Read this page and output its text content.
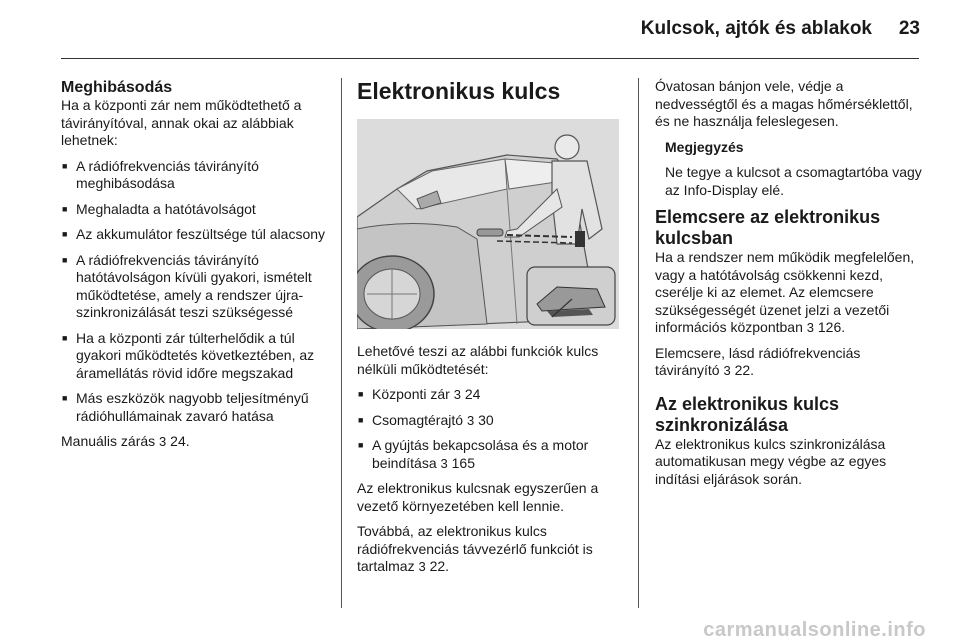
Kulcsok, ajtók és ablakok 23
Meghibásodás

Ha a központi zár nem működtethető a távirányítóval, annak okai az alábbiak lehetnek:

■ A rádiófrekvenciás távirányító meghibásodása
■ Meghaladta a hatótávolságot
■ Az akkumulátor feszültsége túl alacsony
■ A rádiófrekvenciás távirányító hatótávolságon kívüli gyakori, ismételt működtetése, amely a rendszer újra-szinkronizálását teszi szükségessé
■ Ha a központi zár túlterhelődik a túl gyakori működtetés következtében, az áramellátás rövid időre megszakad
■ Más eszközök nagyobb teljesítményű rádióhullámainak zavaró hatása

Manuális zárás 3 24.

Elektronikus kulcs

Lehetővé teszi az alábbi funkciók kulcs nélküli működtetését:

■ Központi zár 3 24
■ Csomagtérajtó 3 30
■ A gyújtás bekapcsolása és a motor beindítása 3 165

Az elektronikus kulcsnak egyszerűen a vezető környezetében kell lennie.

Továbbá, az elektronikus kulcs rádiófrekvenciás távvezérlő funkciót is tartalmaz 3 22.

Óvatosan bánjon vele, védje a nedvességtől és a magas hőmérséklettől, és ne használja feleslegesen.

Megjegyzés

Ne tegye a kulcsot a csomagtartóba vagy az Info-Display elé.

Elemcsere az elektronikus kulcsban

Ha a rendszer nem működik megfelelően, vagy a hatótávolság csökkenni kezd, cserélje ki az elemet. Az elemcsere szükségességét üzenet jelzi a vezetői információs központban 3 126.

Elemcsere, lásd rádiófrekvenciás távirányító 3 22.

Az elektronikus kulcs szinkronizálása

Az elektronikus kulcs szinkronizálása automatikusan megy végbe az egyes indítási eljárások során.

carmanualsonline.info
